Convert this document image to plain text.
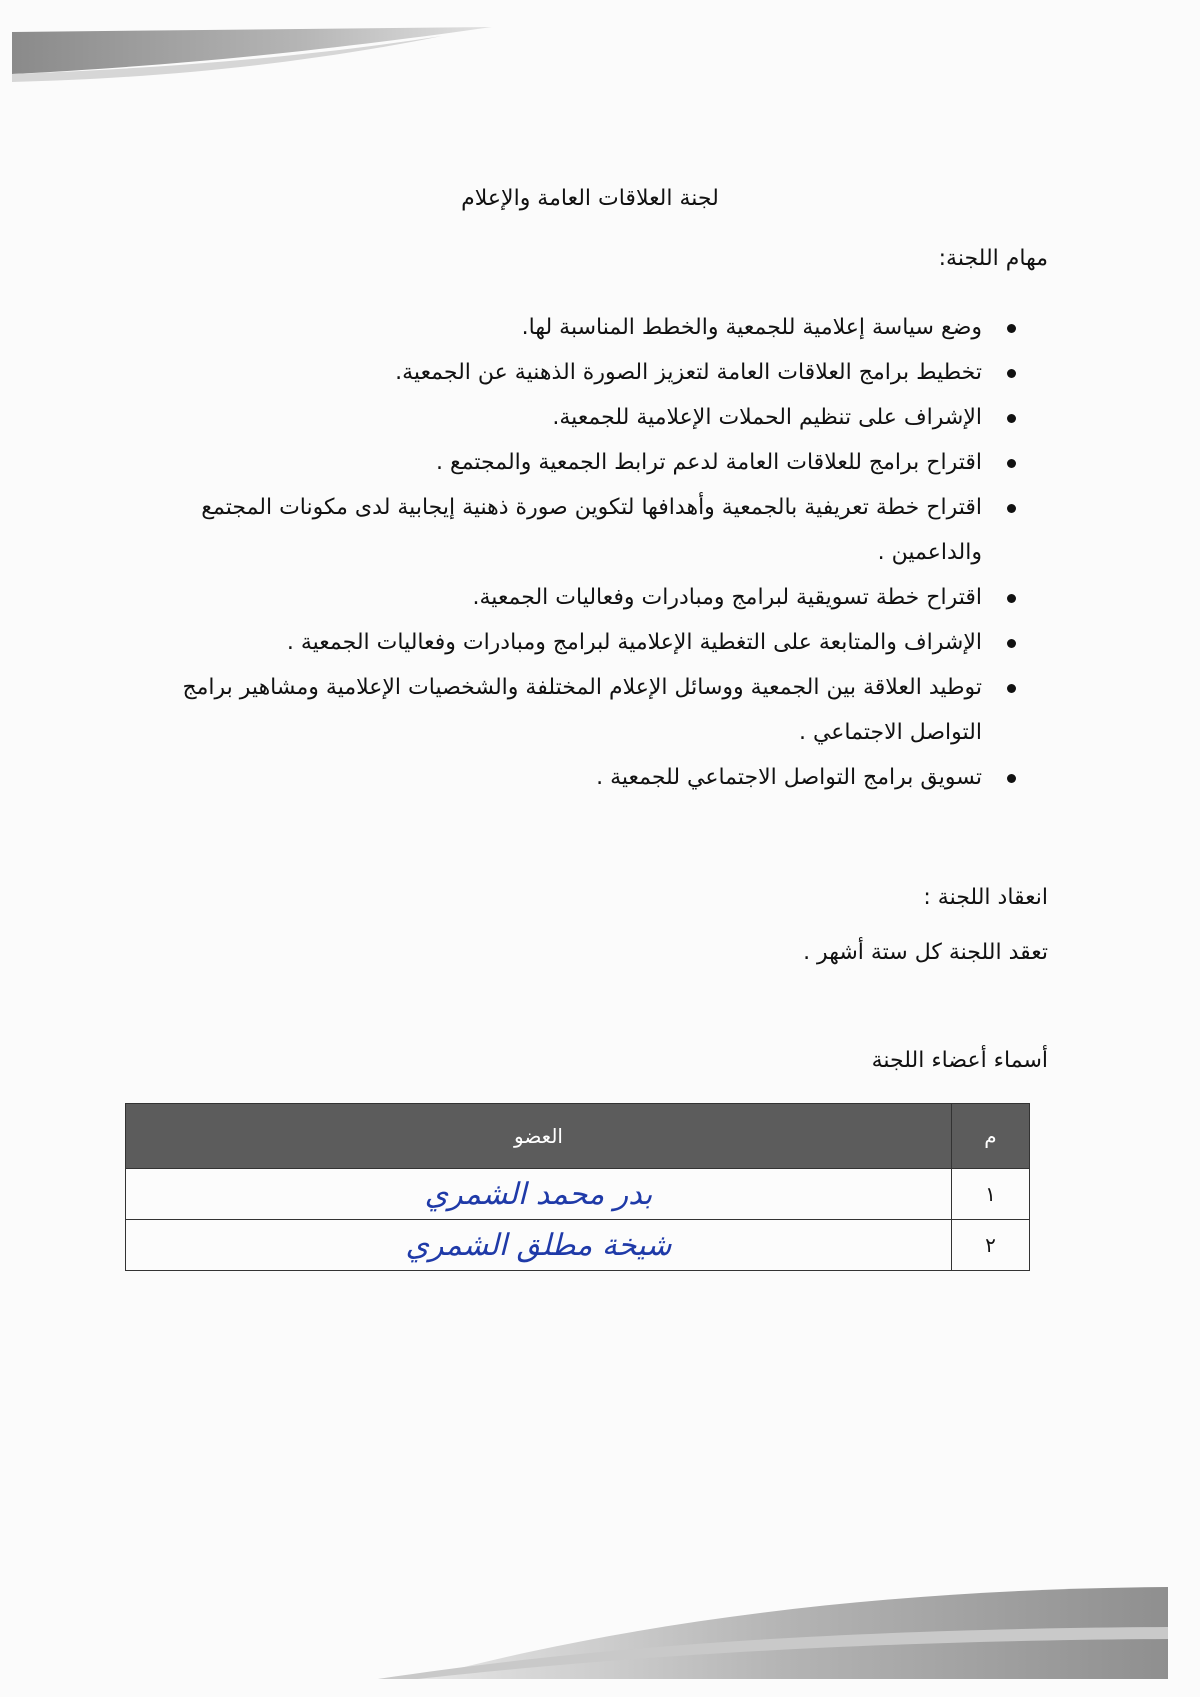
لجنة العلاقات العامة والإعلام
مهام اللجنة:
وضع سياسة إعلامية للجمعية والخطط المناسبة لها.
تخطيط برامج العلاقات العامة لتعزيز الصورة الذهنية عن الجمعية.
الإشراف على تنظيم الحملات الإعلامية للجمعية.
اقتراح برامج للعلاقات العامة لدعم ترابط الجمعية والمجتمع .
اقتراح خطة تعريفية بالجمعية وأهدافها لتكوين صورة ذهنية إيجابية لدى مكونات المجتمع والداعمين .
اقتراح خطة تسويقية لبرامج ومبادرات وفعاليات الجمعية.
الإشراف والمتابعة على التغطية الإعلامية لبرامج ومبادرات وفعاليات الجمعية .
توطيد العلاقة بين الجمعية ووسائل الإعلام المختلفة والشخصيات الإعلامية ومشاهير برامج التواصل الاجتماعي .
تسويق برامج التواصل الاجتماعي للجمعية .
انعقاد اللجنة :
تعقد اللجنة كل ستة أشهر .
أسماء أعضاء اللجنة
م	العضو
١	بدر محمد الشمري
٢	شيخة مطلق الشمري
